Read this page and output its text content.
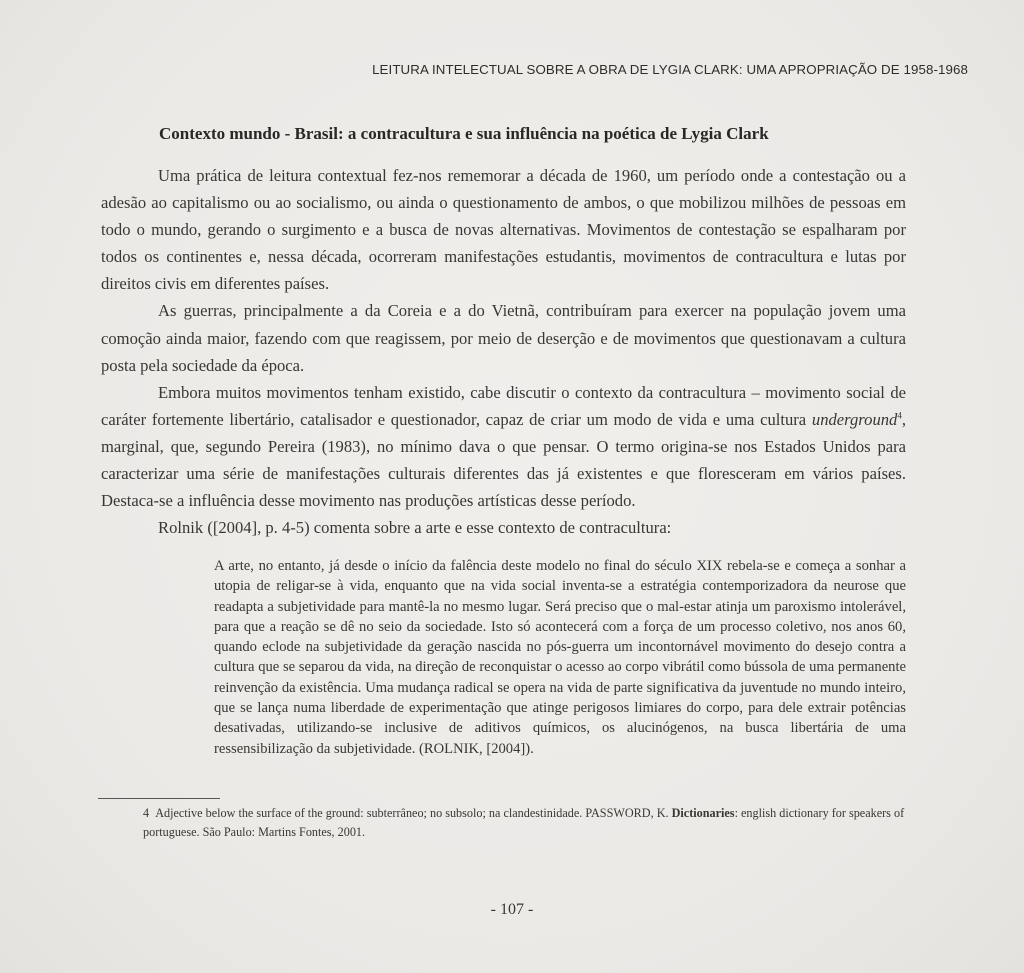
LEITURA INTELECTUAL SOBRE A OBRA DE LYGIA CLARK: UMA APROPRIAÇÃO DE 1958-1968
Contexto mundo - Brasil: a contracultura e sua influência na poética de Lygia Clark

Uma prática de leitura contextual fez-nos rememorar a década de 1960, um período onde a contestação ou a adesão ao capitalismo ou ao socialismo, ou ainda o questionamento de ambos, o que mobilizou milhões de pessoas em todo o mundo, gerando o surgimento e a busca de novas alternativas. Movimentos de contestação se espalharam por todos os continentes e, nessa década, ocorreram manifestações estudantis, movimentos de contracultura e lutas por direitos civis em diferentes países.

As guerras, principalmente a da Coreia e a do Vietnã, contribuíram para exercer na população jovem uma comoção ainda maior, fazendo com que reagissem, por meio de deserção e de movimentos que questionavam a cultura posta pela sociedade da época.

Embora muitos movimentos tenham existido, cabe discutir o contexto da contracultura – movimento social de caráter fortemente libertário, catalisador e questionador, capaz de criar um modo de vida e uma cultura underground$^4$, marginal, que, segundo Pereira (1983), no mínimo dava o que pensar. O termo origina-se nos Estados Unidos para caracterizar uma série de manifestações culturais diferentes das já existentes e que floresceram em vários países. Destaca-se a influência desse movimento nas produções artísticas desse período.

Rolnik ([2004], p. 4-5) comenta sobre a arte e esse contexto de contracultura:

A arte, no entanto, já desde o início da falência deste modelo no final do século XIX rebela-se e começa a sonhar a utopia de religar-se à vida, enquanto que na vida social inventa-se a estratégia contemporizadora da neurose que readapta a subjetividade para mantê-la no mesmo lugar. Será preciso que o mal-estar atinja um paroxismo intolerável, para que a reação se dê no seio da sociedade. Isto só acontecerá com a força de um processo coletivo, nos anos 60, quando eclode na subjetividade da geração nascida no pós-guerra um incontornável movimento do desejo contra a cultura que se separou da vida, na direção de reconquistar o acesso ao corpo vibrátil como bússola de uma permanente reinvenção da existência. Uma mudança radical se opera na vida de parte significativa da juventude no mundo inteiro, que se lança numa liberdade de experimentação que atinge perigosos limiares do corpo, para dele extrair potências desativadas, utilizando-se inclusive de aditivos químicos, os alucinógenos, na busca libertária de uma ressensibilização da subjetividade. (ROLNIK, [2004]).
4 Adjective below the surface of the ground: subterrâneo; no subsolo; na clandestinidade. PASSWORD, K. Dictionaries: english dictionary for speakers of portuguese. São Paulo: Martins Fontes, 2001.
- 107 -
